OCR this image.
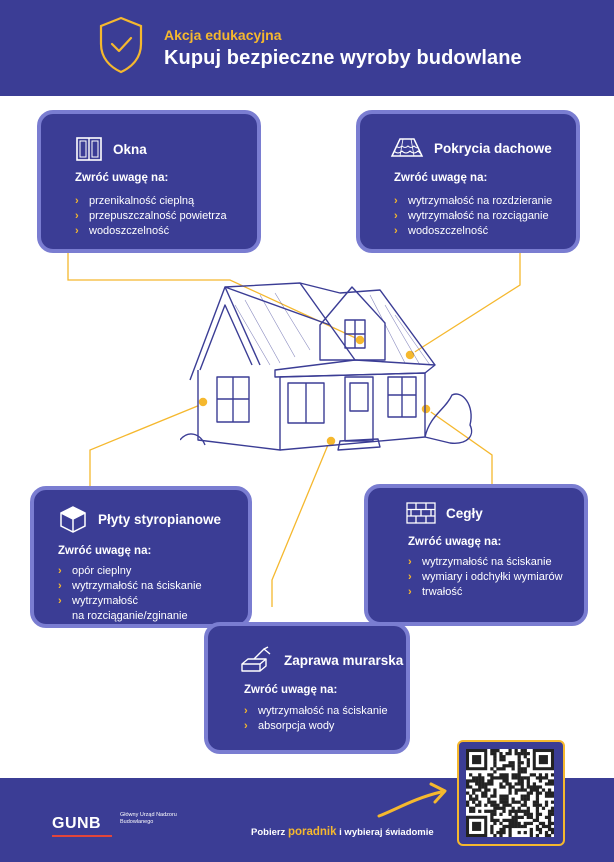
Akcja edukacyjna
Kupuj bezpieczne wyroby budowlane
Okna
Zwróć uwagę na:
› przenikalność cieplną
› przepuszczalność powietrza
› wodoszczelność
Pokrycia dachowe
Zwróć uwagę na:
› wytrzymałość na rozdzieranie
› wytrzymałość na rozciąganie
› wodoszczelność
Płyty styropianowe
Zwróć uwagę na:
› opór cieplny
› wytrzymałość na ściskanie
› wytrzymałość
na rozciąganie/zginanie
Cegły
Zwróć uwagę na:
› wytrzymałość na ściskanie
› wymiary i odchyłki wymiarów
› trwałość
Zaprawa murarska
Zwróć uwagę na:
› wytrzymałość na ściskanie
› absorpcja wody
GUNB	Główny Urząd Nadzoru Budowlanego
Pobierz poradnik i wybieraj świadomie
